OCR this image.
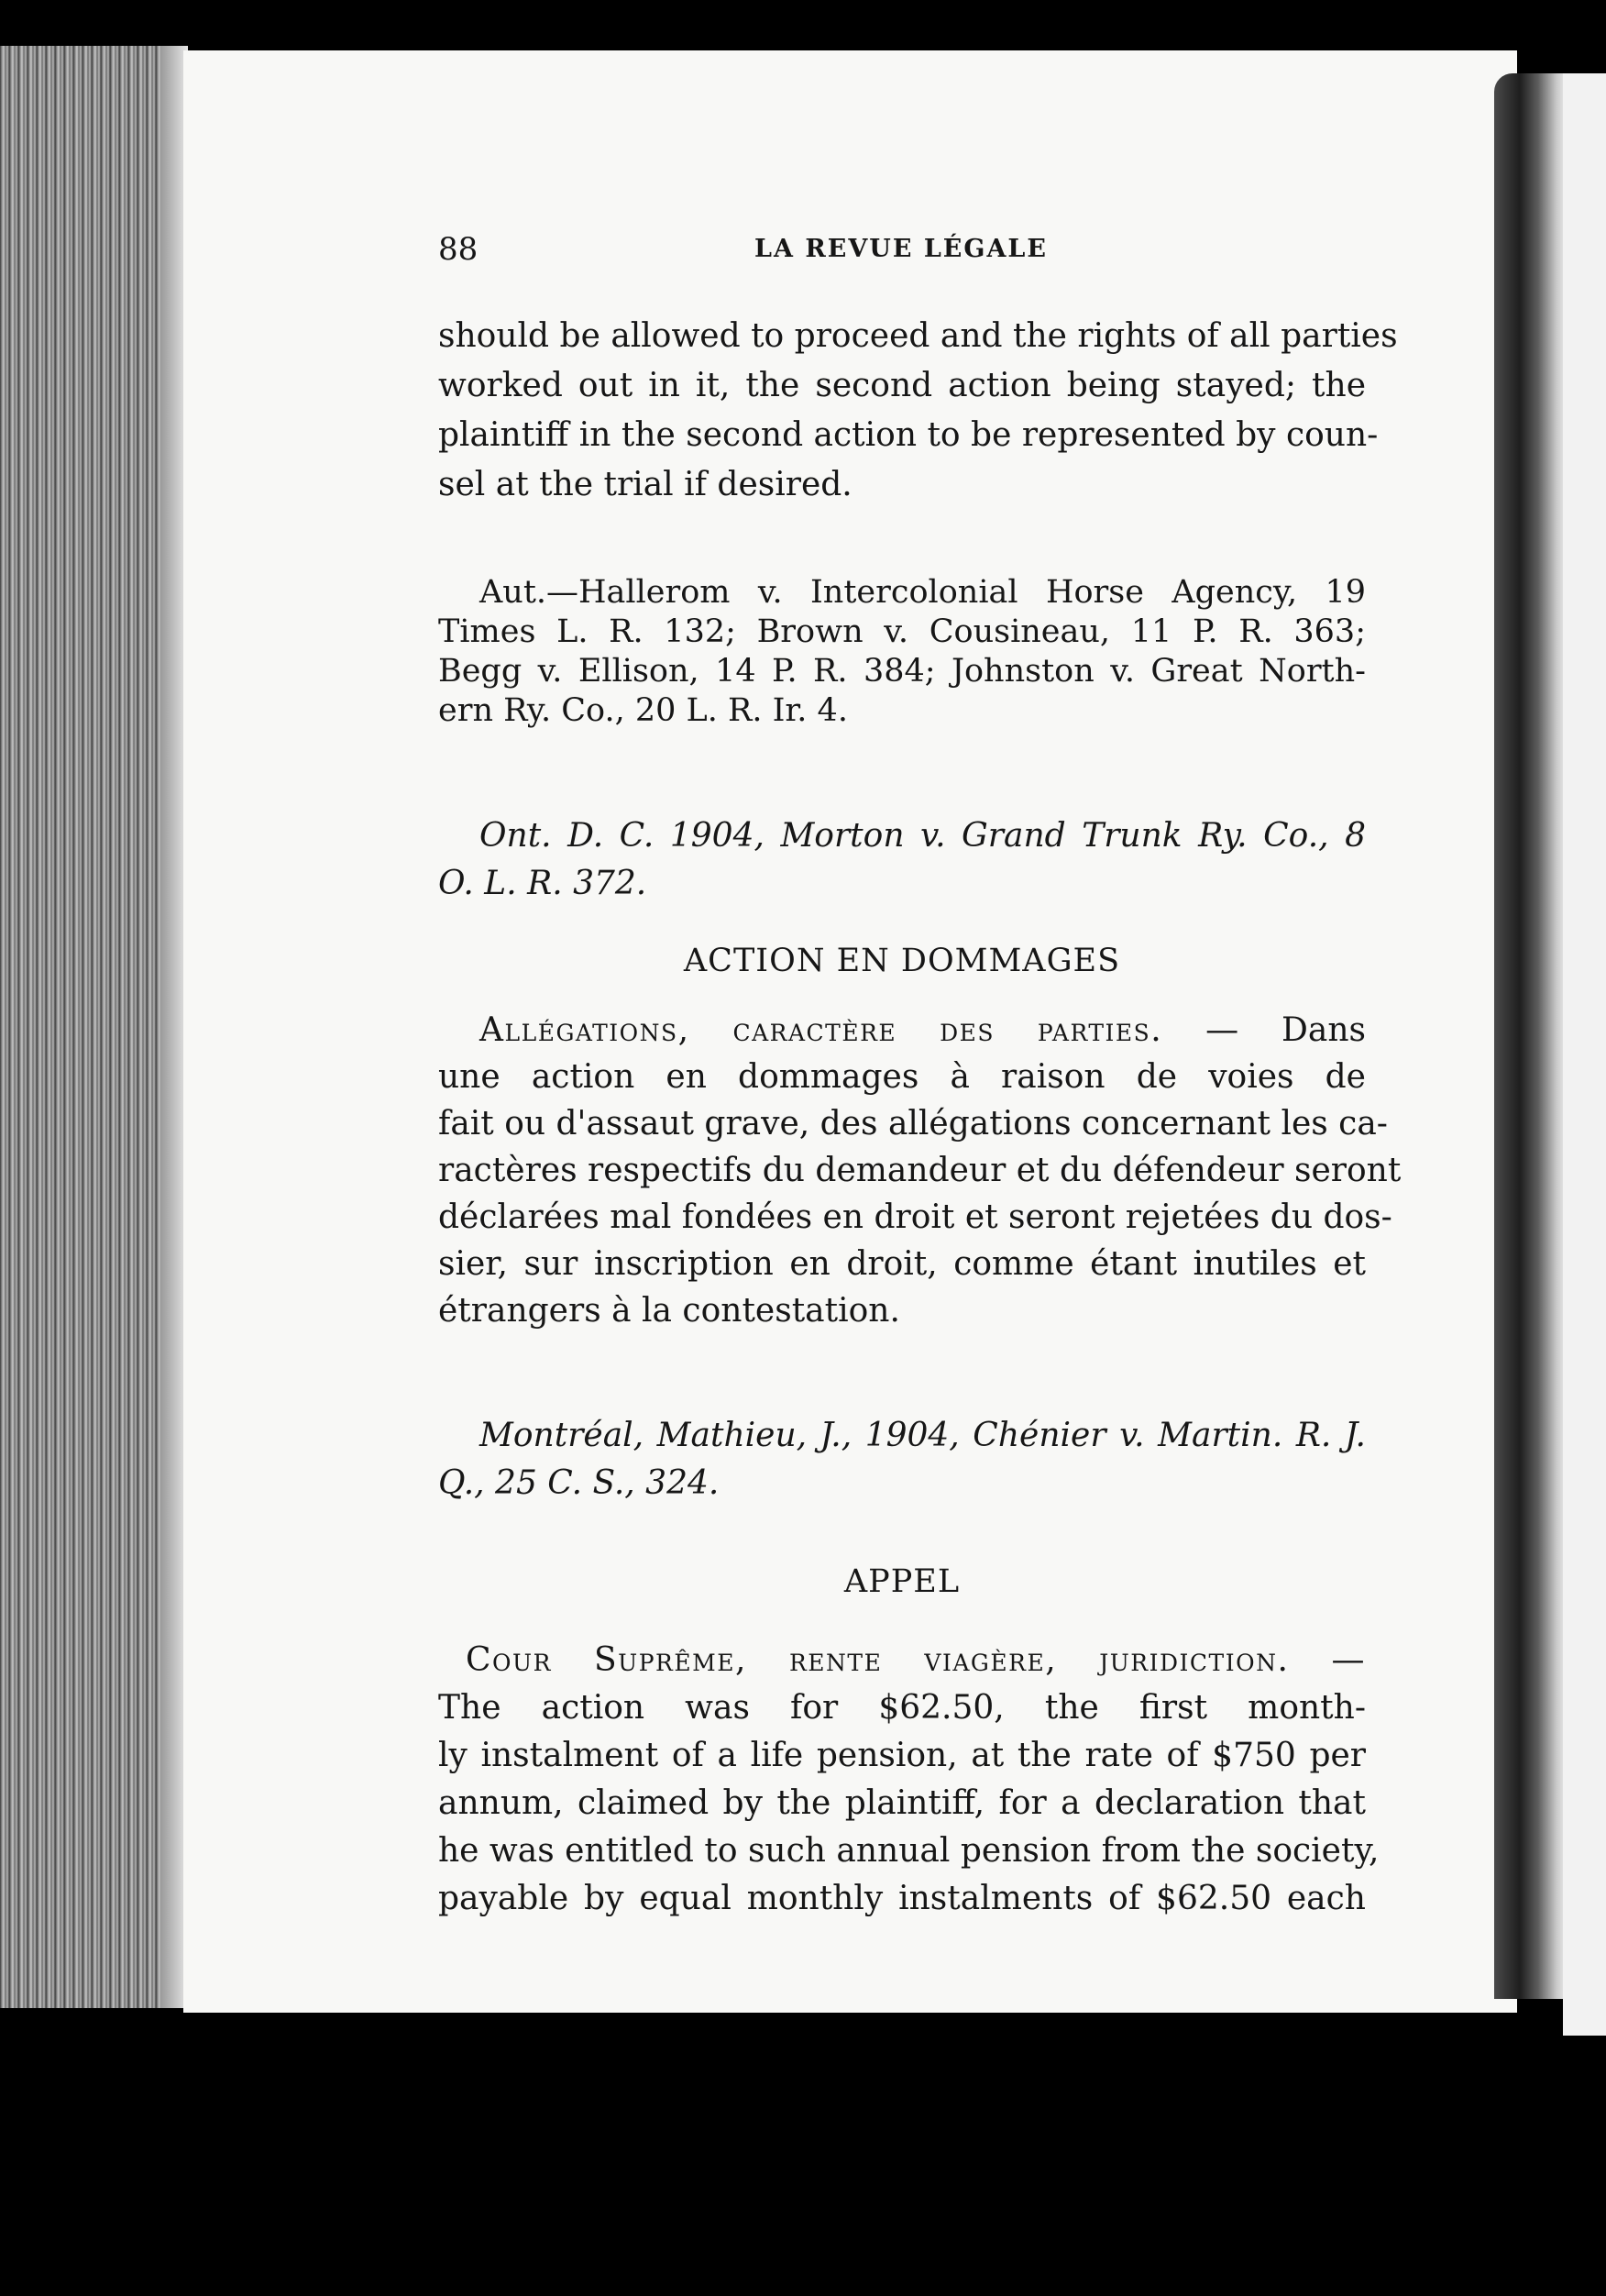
88	LA REVUE LÉGALE
should be allowed to proceed and the rights of all parties
worked out in it, the second action being stayed; the
plaintiff in the second action to be represented by coun-
sel at the trial if desired.
Aut.—Hallerom v. Intercolonial Horse Agency, 19
Times L. R. 132; Brown v. Cousineau, 11 P. R. 363;
Begg v. Ellison, 14 P. R. 384; Johnston v. Great North-
ern Ry. Co., 20 L. R. Ir. 4.
Ont. D. C. 1904, Morton v. Grand Trunk Ry. Co., 8
O. L. R. 372.
ACTION EN DOMMAGES
Allégations, caractère des parties. — Dans
une action en dommages à raison de voies de
fait ou d'assaut grave, des allégations concernant les ca-
ractères respectifs du demandeur et du défendeur seront
déclarées mal fondées en droit et seront rejetées du dos-
sier, sur inscription en droit, comme étant inutiles et
étrangers à la contestation.
Montréal, Mathieu, J., 1904, Chénier v. Martin. R. J.
Q., 25 C. S., 324.
APPEL
Cour Suprême, rente viagère, juridiction. —
The action was for $62.50, the first month-
ly instalment of a life pension, at the rate of $750 per
annum, claimed by the plaintiff, for a declaration that
he was entitled to such annual pension from the society,
payable by equal monthly instalments of $62.50 each
